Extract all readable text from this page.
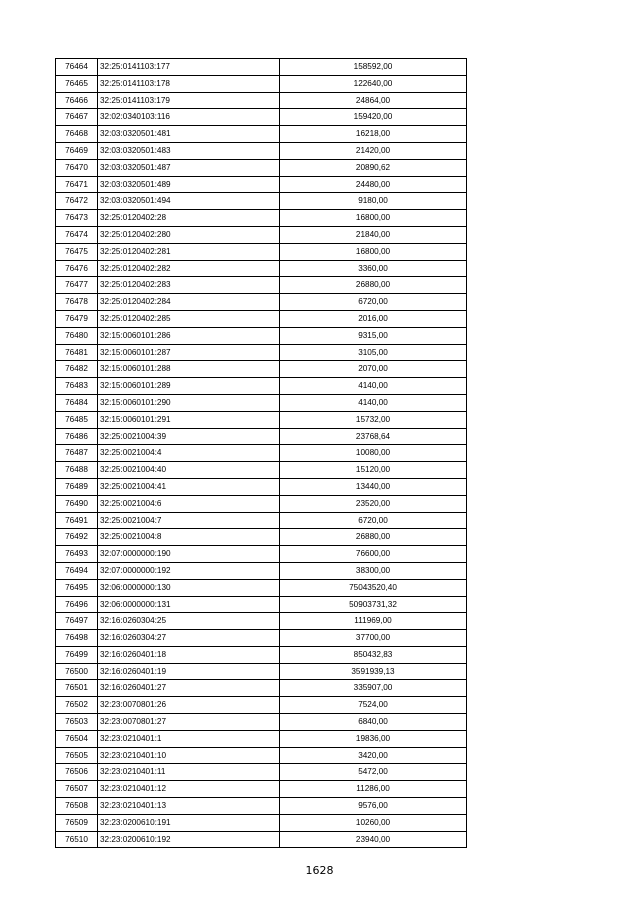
76464	32:25:0141103:177	158592,00
76465	32:25:0141103:178	122640,00
76466	32:25:0141103:179	24864,00
76467	32:02:0340103:116	159420,00
76468	32:03:0320501:481	16218,00
76469	32:03:0320501:483	21420,00
76470	32:03:0320501:487	20890,62
76471	32:03:0320501:489	24480,00
76472	32:03:0320501:494	9180,00
76473	32:25:0120402:28	16800,00
76474	32:25:0120402:280	21840,00
76475	32:25:0120402:281	16800,00
76476	32:25:0120402:282	3360,00
76477	32:25:0120402:283	26880,00
76478	32:25:0120402:284	6720,00
76479	32:25:0120402:285	2016,00
76480	32:15:0060101:286	9315,00
76481	32:15:0060101:287	3105,00
76482	32:15:0060101:288	2070,00
76483	32:15:0060101:289	4140,00
76484	32:15:0060101:290	4140,00
76485	32:15:0060101:291	15732,00
76486	32:25:0021004:39	23768,64
76487	32:25:0021004:4	10080,00
76488	32:25:0021004:40	15120,00
76489	32:25:0021004:41	13440,00
76490	32:25:0021004:6	23520,00
76491	32:25:0021004:7	6720,00
76492	32:25:0021004:8	26880,00
76493	32:07:0000000:190	76600,00
76494	32:07:0000000:192	38300,00
76495	32:06:0000000:130	75043520,40
76496	32:06:0000000:131	50903731,32
76497	32:16:0260304:25	111969,00
76498	32:16:0260304:27	37700,00
76499	32:16:0260401:18	850432,83
76500	32:16:0260401:19	3591939,13
76501	32:16:0260401:27	335907,00
76502	32:23:0070801:26	7524,00
76503	32:23:0070801:27	6840,00
76504	32:23:0210401:1	19836,00
76505	32:23:0210401:10	3420,00
76506	32:23:0210401:11	5472,00
76507	32:23:0210401:12	11286,00
76508	32:23:0210401:13	9576,00
76509	32:23:0200610:191	10260,00
76510	32:23:0200610:192	23940,00
1628
